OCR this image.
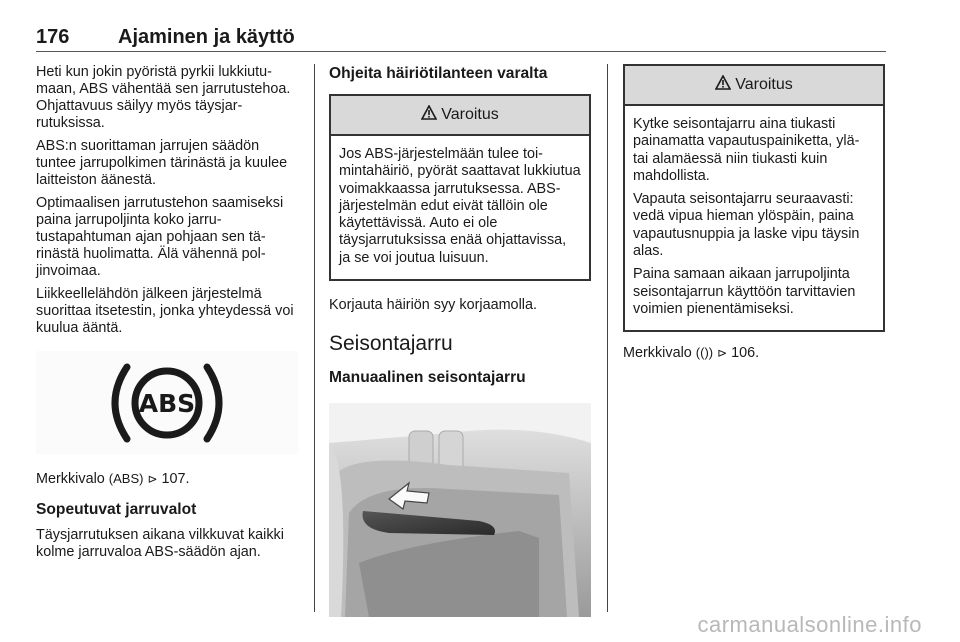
176 Ajaminen ja käyttö

Heti kun jokin pyöristä pyrkii lukkiutumaan, ABS vähentää sen jarrutustehoa. Ohjattavuus säilyy myös täysjarrutuksissa.

ABS:n suorittaman jarrujen säädön tuntee jarrupolkimen tärinästä ja kuulee laitteiston äänestä.

Optimaalisen jarrutustehon saamiseksi paina jarrupoljinta koko jarrutustapahtuman ajan pohjaan sen tärinästä huolimatta. Älä vähennä poljinvoimaa.

Liikkeellelähdön jälkeen järjestelmä suorittaa itsetestin, jonka yhteydessä voi kuulua ääntä.

ABS

Merkkivalo (ABS) ⊳ 107.

Sopeutuvat jarruvalot

Täysjarrutuksen aikana vilkkuvat kaikki kolme jarruvaloa ABS-säädön ajan.

Ohjeita häiriötilanteen varalta
Varoitus

Jos ABS-järjestelmään tulee toimintahäiriö, pyörät saattavat lukkiutua voimakkaassa jarrutuksessa. ABS-järjestelmän edut eivät tällöin ole käytettävissä. Auto ei ole täysjarrutuksissa enää ohjattavissa, ja se voi joutua luisuun.

Korjauta häiriön syy korjaamolla.

Seisontajarru
Manuaalinen seisontajarru
Varoitus

Kytke seisontajarru aina tiukasti painamatta vapautuspainiketta, ylä- tai alamäessä niin tiukasti kuin mahdollista.

Vapauta seisontajarru seuraavasti: vedä vipua hieman ylöspäin, paina vapautusnuppia ja laske vipu täysin alas.

Paina samaan aikaan jarrupoljinta seisontajarrun käyttöön tarvittavien voimien pienentämiseksi.

Merkkivalo (()) ⊳ 106.

carmanualsonline.info
